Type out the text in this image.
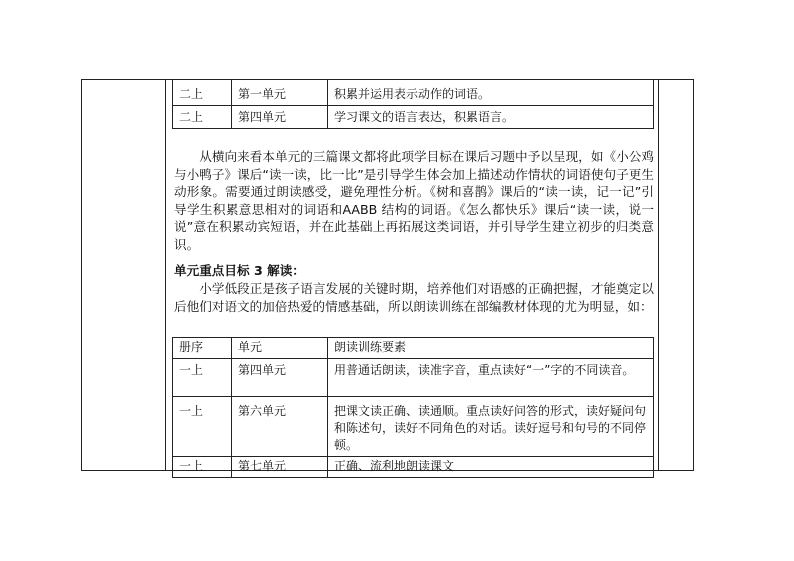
二上	第一单元	积累并运用表示动作的词语。
二上	第四单元	学习课文的语言表达，积累语言。
从横向来看本单元的三篇课文都将此项学目标在课后习题中予以呈现，如《小公鸡与小鸭子》课后“读一读，比一比”是引导学生体会加上描述动作情状的词语使句子更生动形象。需要通过朗读感受，避免理性分析。《树和喜鹊》课后的“读一读，记一记”引导学生积累意思相对的词语和AABB 结构的词语。《怎么都快乐》课后“读一读，说一说”意在积累动宾短语，并在此基础上再拓展这类词语，并引导学生建立初步的归类意识。
单元重点目标 3 解读：
小学低段正是孩子语言发展的关键时期，培养他们对语感的正确把握，才能奠定以后他们对语文的加倍热爱的情感基础，所以朗读训练在部编教材体现的尤为明显，如：
册序	单元	朗读训练要素
一上	第四单元	用普通话朗读，读准字音，重点读好“一”字的不同读音。
一上	第六单元	把课文读正确、读通顺。重点读好问答的形式，读好疑问句和陈述句，读好不同角色的对话。读好逗号和句号的不同停顿。
一上	第七单元	正确、流利地朗读课文
